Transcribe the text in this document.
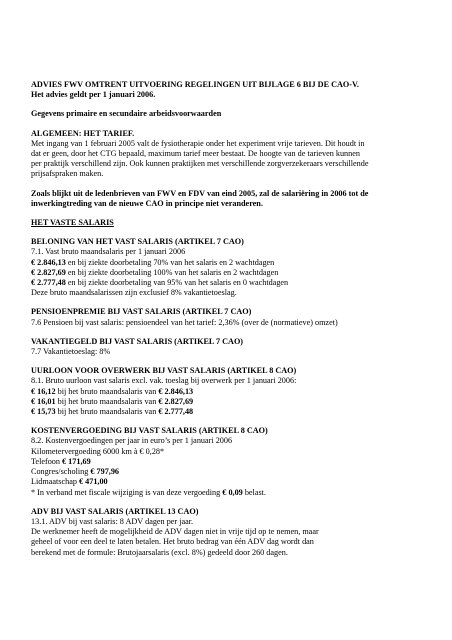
ADVIES FWV OMTRENT UITVOERING REGELINGEN UIT BIJLAGE 6 BIJ DE CAO-V.
Het advies geldt per 1 januari 2006.
Gegevens primaire en secundaire arbeidsvoorwaarden
ALGEMEEN: HET TARIEF.
Met ingang van 1 februari 2005 valt de fysiotherapie onder het experiment vrije tarieven. Dit houdt in
dat er geen, door het CTG bepaald, maximum tarief meer bestaat. De hoogte van de tarieven kunnen
per praktijk verschillend zijn. Ook kunnen praktijken met verschillende zorgverzekeraars verschillende
prijsafspraken maken.
Zoals blijkt uit de ledenbrieven van FWV en FDV van eind 2005, zal de salariëring in 2006 tot de
inwerkingtreding van de nieuwe CAO in principe niet veranderen.
HET VASTE SALARIS
BELONING VAN HET VAST SALARIS (ARTIKEL 7 CAO)
7.1. Vast bruto maandsalaris per 1 januari 2006
€ 2.846,13 en bij ziekte doorbetaling 70% van het salaris en 2 wachtdagen
€ 2.827,69 en bij ziekte doorbetaling 100% van het salaris en 2 wachtdagen
€ 2.777,48 en bij ziekte doorbetaling van 95% van het salaris en 0 wachtdagen
Deze bruto maandsalarissen zijn exclusief 8% vakantietoeslag.
PENSIOENPREMIE BIJ VAST SALARIS (ARTIKEL 7 CAO)
7.6 Pensioen bij vast salaris: pensioendeel van het tarief: 2,36% (over de (normatieve) omzet)
VAKANTIEGELD BIJ VAST SALARIS (ARTIKEL 7 CAO)
7.7 Vakantietoeslag: 8%
UURLOON VOOR OVERWERK BIJ VAST SALARIS (ARTIKEL 8 CAO)
8.1. Bruto uurloon vast salaris excl. vak. toeslag bij overwerk per 1 januari 2006:
€ 16,12 bij het bruto maandsalaris van € 2.846,13
€ 16,01 bij het bruto maandsalaris van € 2.827,69
€ 15,73 bij het bruto maandsalaris van € 2.777,48
KOSTENVERGOEDING BIJ VAST SALARIS (ARTIKEL 8 CAO)
8.2. Kostenvergoedingen per jaar in euro’s per 1 januari 2006
Kilometervergoeding 6000 km à € 0,28*
Telefoon € 171,69
Congres/scholing € 797,96
Lidmaatschap € 471,00
* In verband met fiscale wijziging is van deze vergoeding € 0,09 belast.
ADV BIJ VAST SALARIS (ARTIKEL 13 CAO)
13.1. ADV bij vast salaris: 8 ADV dagen per jaar.
De werknemer heeft de mogelijkheid de ADV dagen niet in vrije tijd op te nemen, maar
geheel of voor een deel te laten betalen. Het bruto bedrag van één ADV dag wordt dan
berekend met de formule: Brutojaarsalaris (excl. 8%) gedeeld door 260 dagen.
